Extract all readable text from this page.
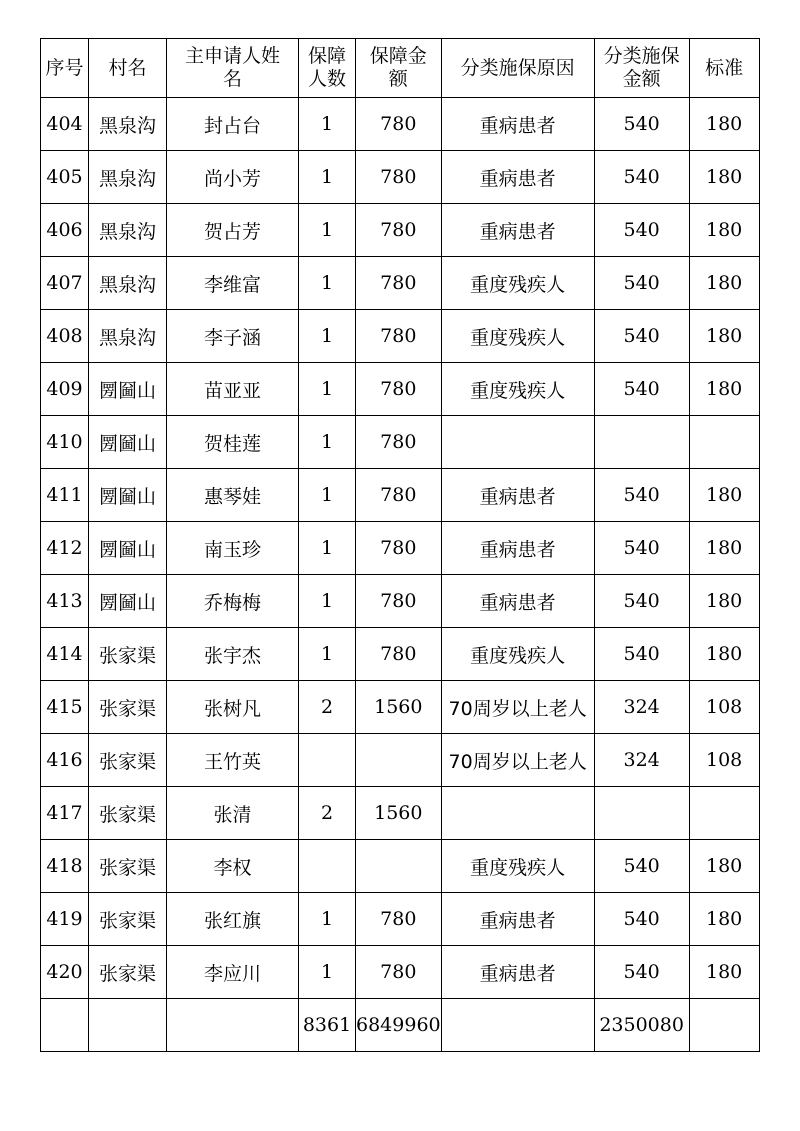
序号	村名	主申请人姓名	保障人数	保障金额	分类施保原因	分类施保金额	标准
404	黑泉沟	封占台	1	780	重病患者	540	180
405	黑泉沟	尚小芳	1	780	重病患者	540	180
406	黑泉沟	贺占芳	1	780	重病患者	540	180
407	黑泉沟	李维富	1	780	重度残疾人	540	180
408	黑泉沟	李子涵	1	780	重度残疾人	540	180
409	圐圙山	苗亚亚	1	780	重度残疾人	540	180
410	圐圙山	贺桂莲	1	780			
411	圐圙山	惠琴娃	1	780	重病患者	540	180
412	圐圙山	南玉珍	1	780	重病患者	540	180
413	圐圙山	乔梅梅	1	780	重病患者	540	180
414	张家渠	张宇杰	1	780	重度残疾人	540	180
415	张家渠	张树凡	2	1560	70周岁以上老人	324	108
416	张家渠	王竹英			70周岁以上老人	324	108
417	张家渠	张清	2	1560			
418	张家渠	李权			重度残疾人	540	180
419	张家渠	张红旗	1	780	重病患者	540	180
420	张家渠	李应川	1	780	重病患者	540	180
			8361	6849960		2350080	
